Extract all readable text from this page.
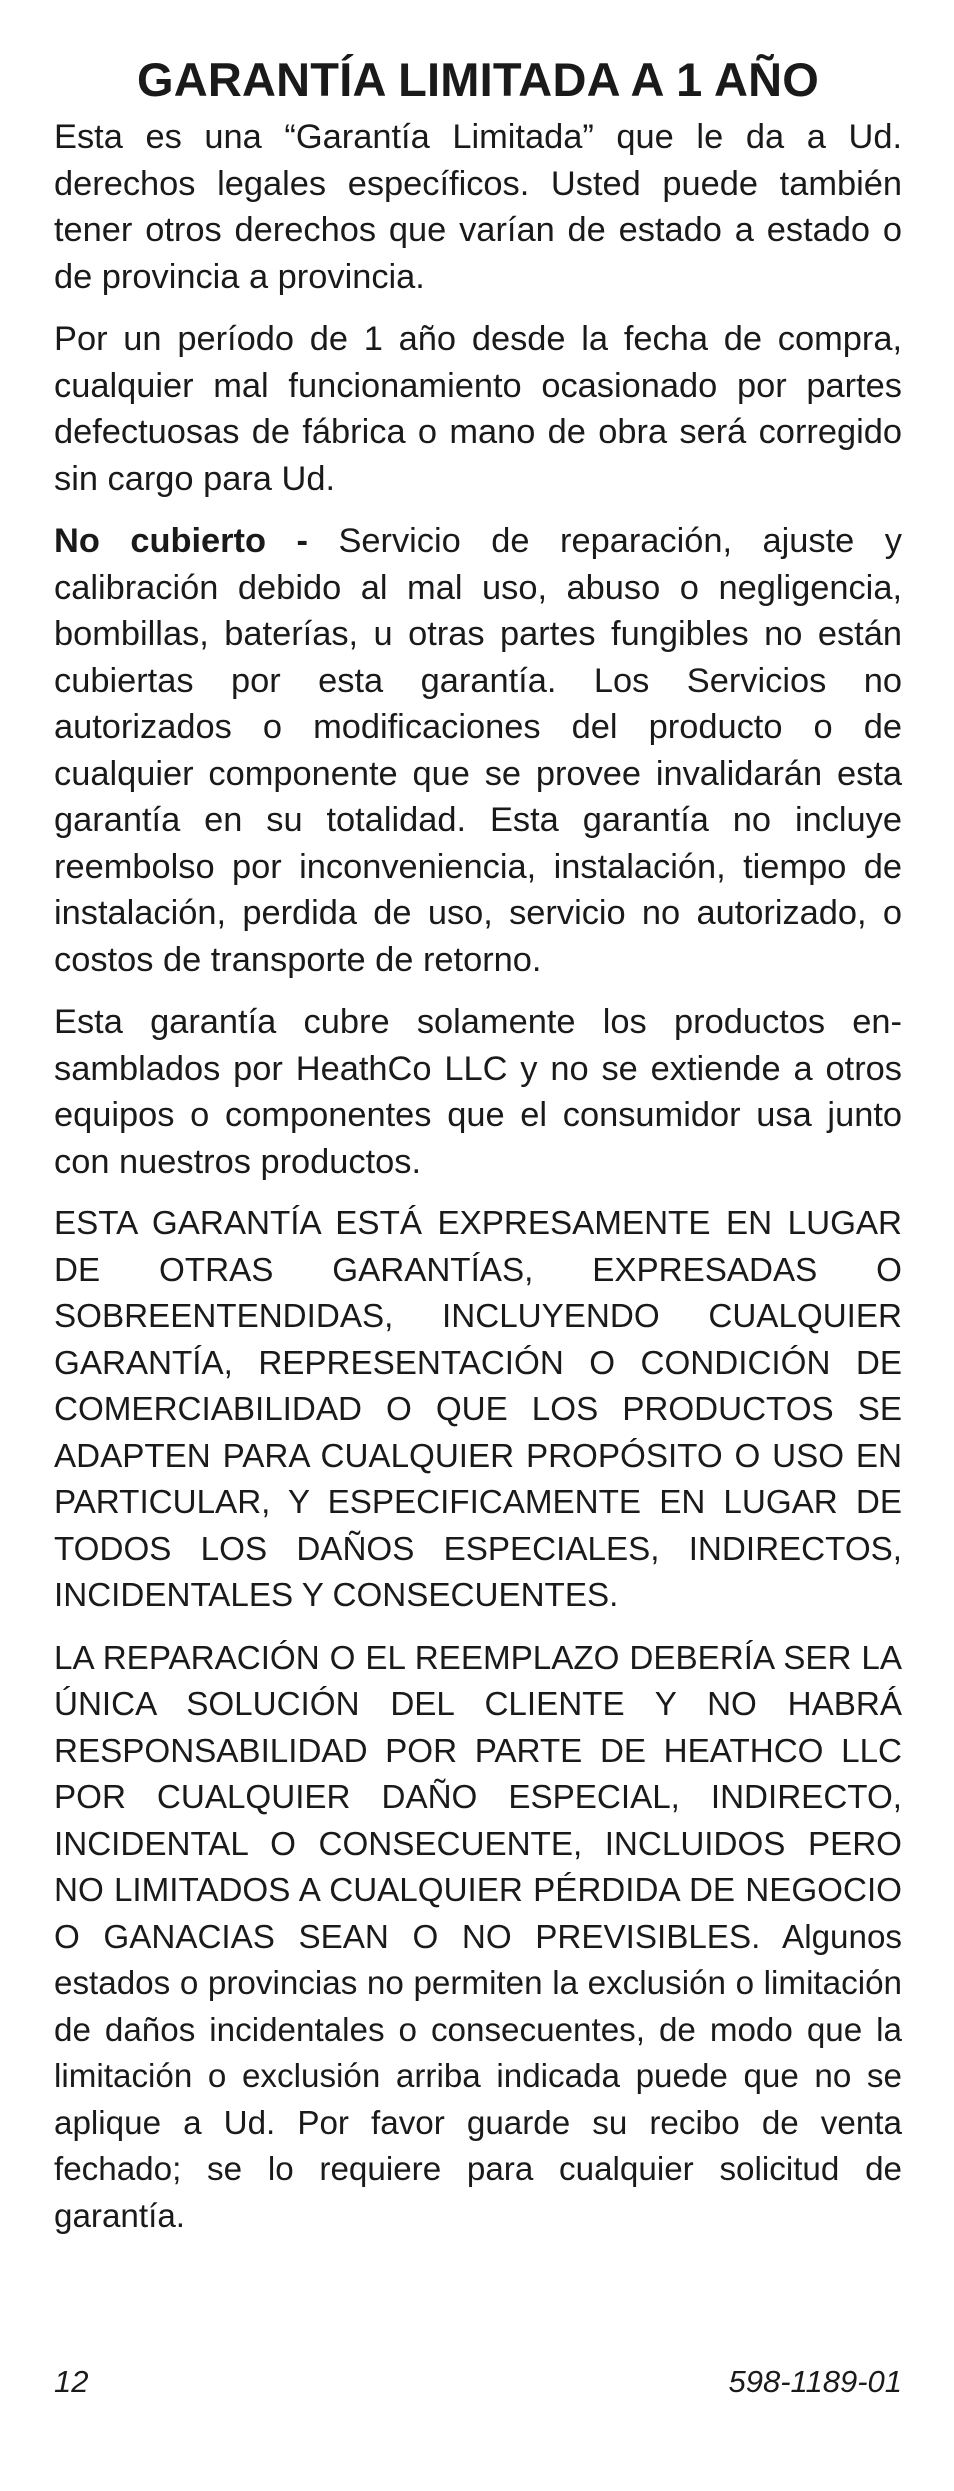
GARANTÍA LIMITADA A 1 AÑO

Esta es una “Garantía Limitada” que le da a Ud. derechos legales específicos. Usted puede también tener otros derechos que varían de estado a estado o de provincia a provincia.

Por un período de 1 año desde la fecha de compra, cualquier mal funcionamiento ocasionado por partes defectuosas de fábrica o mano de obra será corregido sin cargo para Ud.

No cubierto - Servicio de reparación, ajuste y calibración debido al mal uso, abuso o negligencia, bombillas, baterías, u otras partes fungibles no están cubiertas por esta garantía. Los Servicios no autorizados o modificaciones del producto o de cualquier componente que se provee invalidarán esta garantía en su totalidad. Esta garantía no incluye reembolso por inconveniencia, instalación, tiempo de instalación, perdida de uso, servicio no autorizado, o costos de transporte de retorno.

Esta garantía cubre solamente los productos ensamblados por HeathCo LLC y no se extiende a otros equipos o componentes que el consumidor usa junto con nuestros productos.

ESTA GARANTÍA ESTÁ EXPRESAMENTE EN LUGAR DE OTRAS GARANTÍAS, EXPRESADAS O SOBREENTENDIDAS, INCLUYENDO CUALQUIER GARANTÍA, REPRESENTACIÓN O CONDICIÓN DE COMERCIABILIDAD O QUE LOS PRODUCTOS SE ADAPTEN PARA CUALQUIER PROPÓSITO O USO EN PARTICULAR, Y ESPECIFICAMENTE EN LUGAR DE TODOS LOS DAÑOS ESPECIALES, INDIRECTOS, INCIDENTALES Y CONSECUENTES.

LA REPARACIÓN O EL REEMPLAZO DEBERÍA SER LA ÚNICA SOLUCIÓN DEL CLIENTE Y NO HABRÁ RESPONSABILIDAD POR PARTE DE HEATHCO LLC POR CUALQUIER DAÑO ESPECIAL, INDIRECTO, INCIDENTAL O CONSECUENTE, INCLUIDOS PERO NO LIMITADOS A CUALQUIER PÉRDIDA DE NEGOCIO O GANACIAS SEAN O NO PREVISIBLES. Algunos estados o provincias no permiten la exclusión o limitación de daños incidentales o consecuentes, de modo que la limitación o exclusión arriba indicada puede que no se aplique a Ud. Por favor guarde su recibo de venta fechado; se lo requiere para cualquier solicitud de garantía.

12	598-1189-01
